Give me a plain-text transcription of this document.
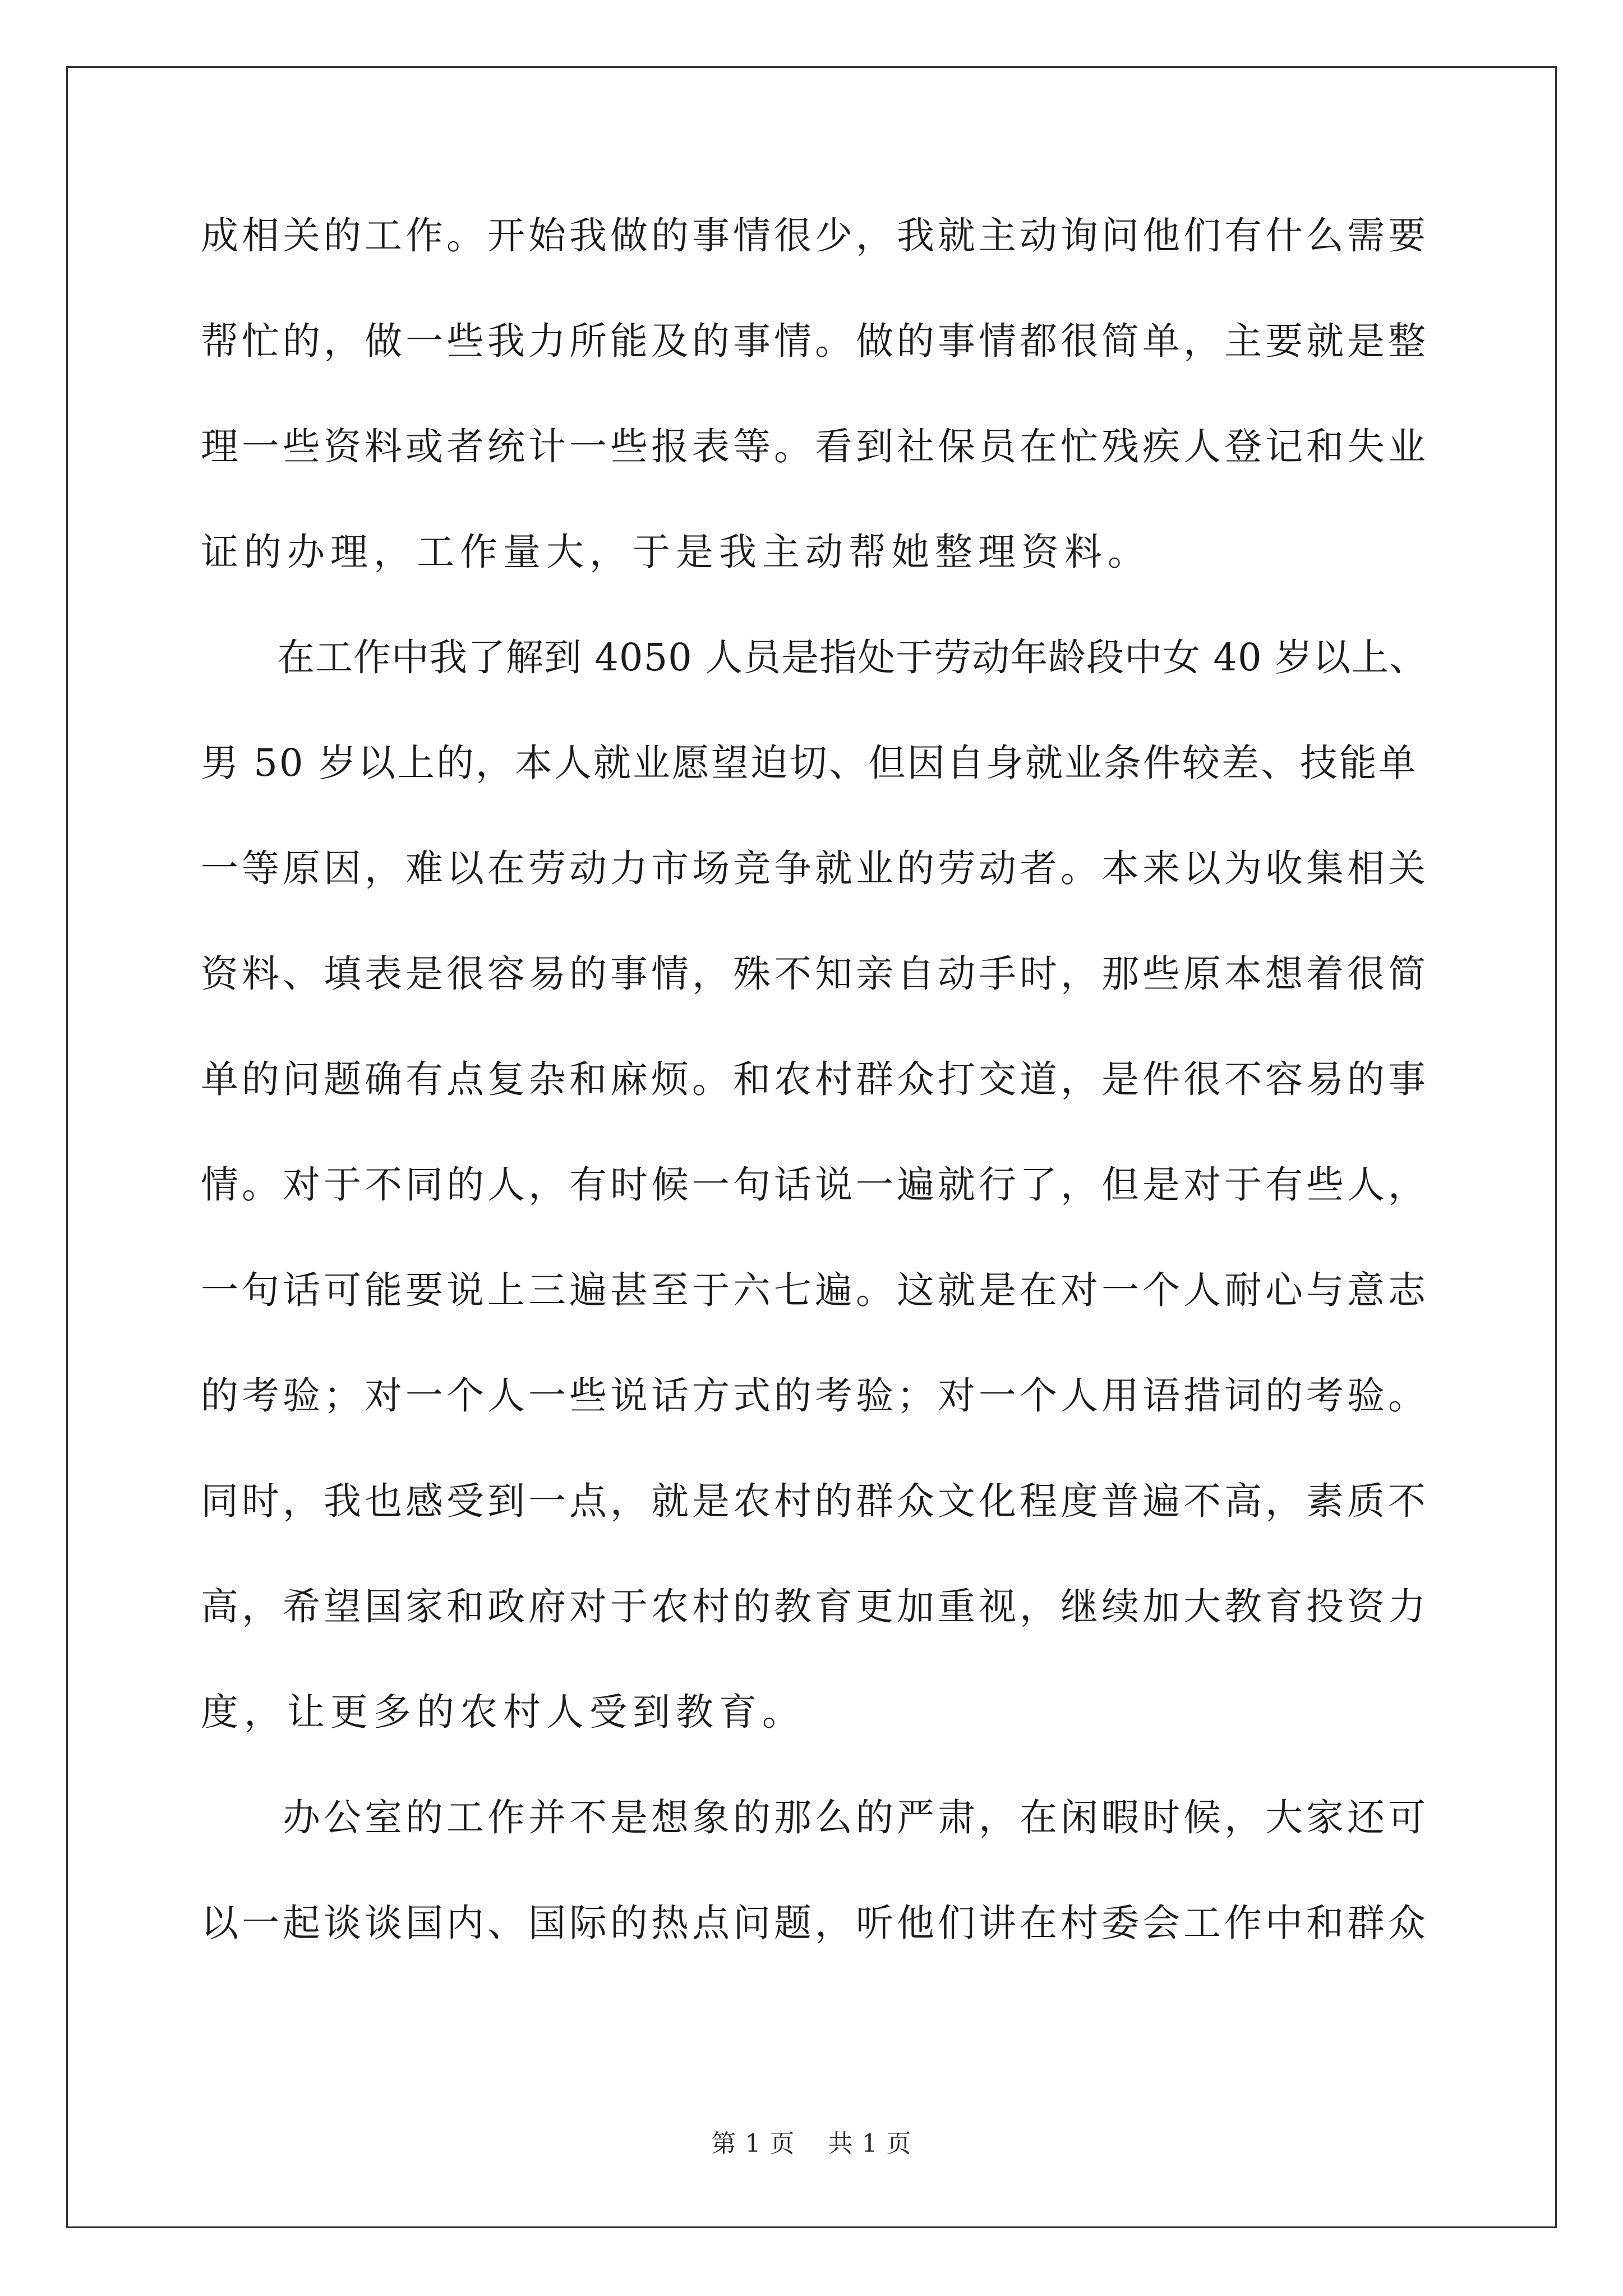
成相关的工作。开始我做的事情很少，我就主动询问他们有什么需要
帮忙的，做一些我力所能及的事情。做的事情都很简单，主要就是整
理一些资料或者统计一些报表等。看到社保员在忙残疾人登记和失业
证的办理，工作量大，于是我主动帮她整理资料。
　　在工作中我了解到 4050 人员是指处于劳动年龄段中女 40 岁以上、
男 50 岁以上的，本人就业愿望迫切、但因自身就业条件较差、技能单
一等原因，难以在劳动力市场竞争就业的劳动者。本来以为收集相关
资料、填表是很容易的事情，殊不知亲自动手时，那些原本想着很简
单的问题确有点复杂和麻烦。和农村群众打交道，是件很不容易的事
情。对于不同的人，有时候一句话说一遍就行了，但是对于有些人，
一句话可能要说上三遍甚至于六七遍。这就是在对一个人耐心与意志
的考验；对一个人一些说话方式的考验；对一个人用语措词的考验。
同时，我也感受到一点，就是农村的群众文化程度普遍不高，素质不
高，希望国家和政府对于农村的教育更加重视，继续加大教育投资力
度，让更多的农村人受到教育。
　　办公室的工作并不是想象的那么的严肃，在闲暇时候，大家还可
以一起谈谈国内、国际的热点问题，听他们讲在村委会工作中和群众
第 1 页 共 1 页
